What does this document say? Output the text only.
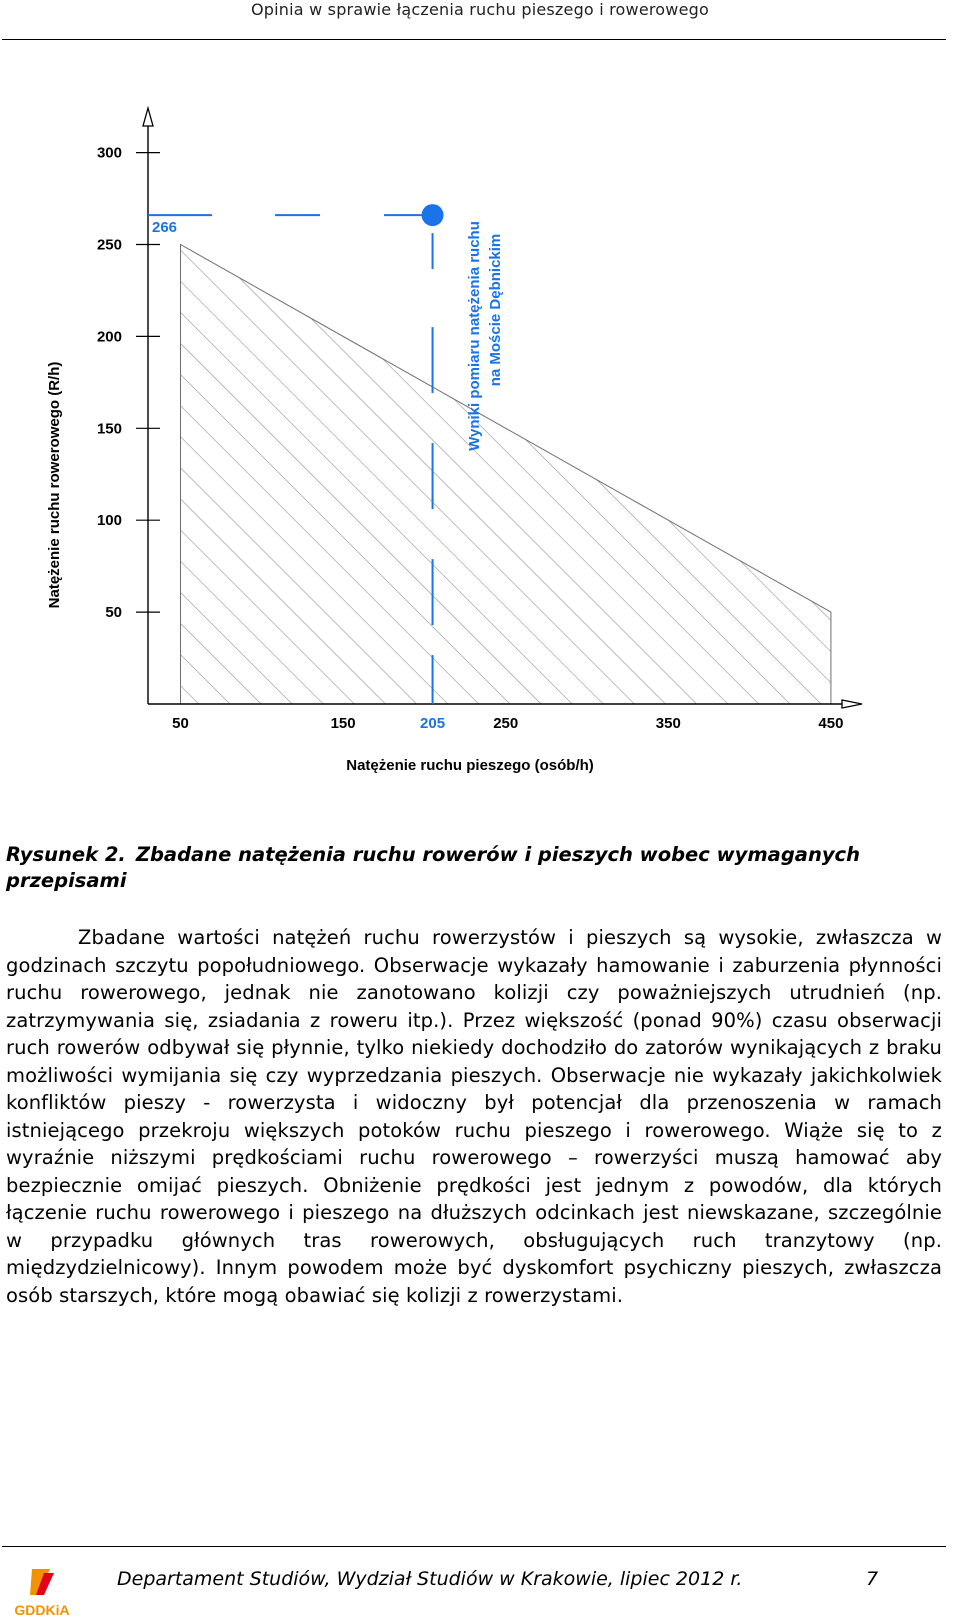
Opinia w sprawie łączenia ruchu pieszego i rowerowego
50
100
150
200
250
300
50	150	205	250	350	450
266	Wyniki pomiaru natężenia ruchu na Moście Dębnickim
Natężenie ruchu rowerowego (R/h)
Natężenie ruchu pieszego (osób/h)
Rysunek 2. Zbadane natężenia ruchu rowerów i pieszych wobec wymaganych przepisami
Zbadane wartości natężeń ruchu rowerzystów i pieszych są wysokie, zwłaszcza w godzinach szczytu popołudniowego. Obserwacje wykazały hamowanie i zaburzenia płynności ruchu rowerowego, jednak nie zanotowano kolizji czy poważniejszych utrudnień (np. zatrzymywania się, zsiadania z roweru itp.). Przez większość (ponad 90%) czasu obserwacji ruch rowerów odbywał się płynnie, tylko niekiedy dochodziło do zatorów wynikających z braku możliwości wymijania się czy wyprzedzania pieszych. Obserwacje nie wykazały jakichkolwiek konfliktów pieszy - rowerzysta i widoczny był potencjał dla przenoszenia w ramach istniejącego przekroju większych potoków ruchu pieszego i rowerowego. Wiąże się to z wyraźnie niższymi prędkościami ruchu rowerowego – rowerzyści muszą hamować aby bezpiecznie omijać pieszych. Obniżenie prędkości jest jednym z powodów, dla których łączenie ruchu rowerowego i pieszego na dłuższych odcinkach jest niewskazane, szczególnie w przypadku głównych tras rowerowych, obsługujących ruch tranzytowy (np. międzydzielnicowy). Innym powodem może być dyskomfort psychiczny pieszych, zwłaszcza osób starszych, które mogą obawiać się kolizji z rowerzystami.
GDDKiA
Departament Studiów, Wydział Studiów w Krakowie, lipiec 2012 r.	7
